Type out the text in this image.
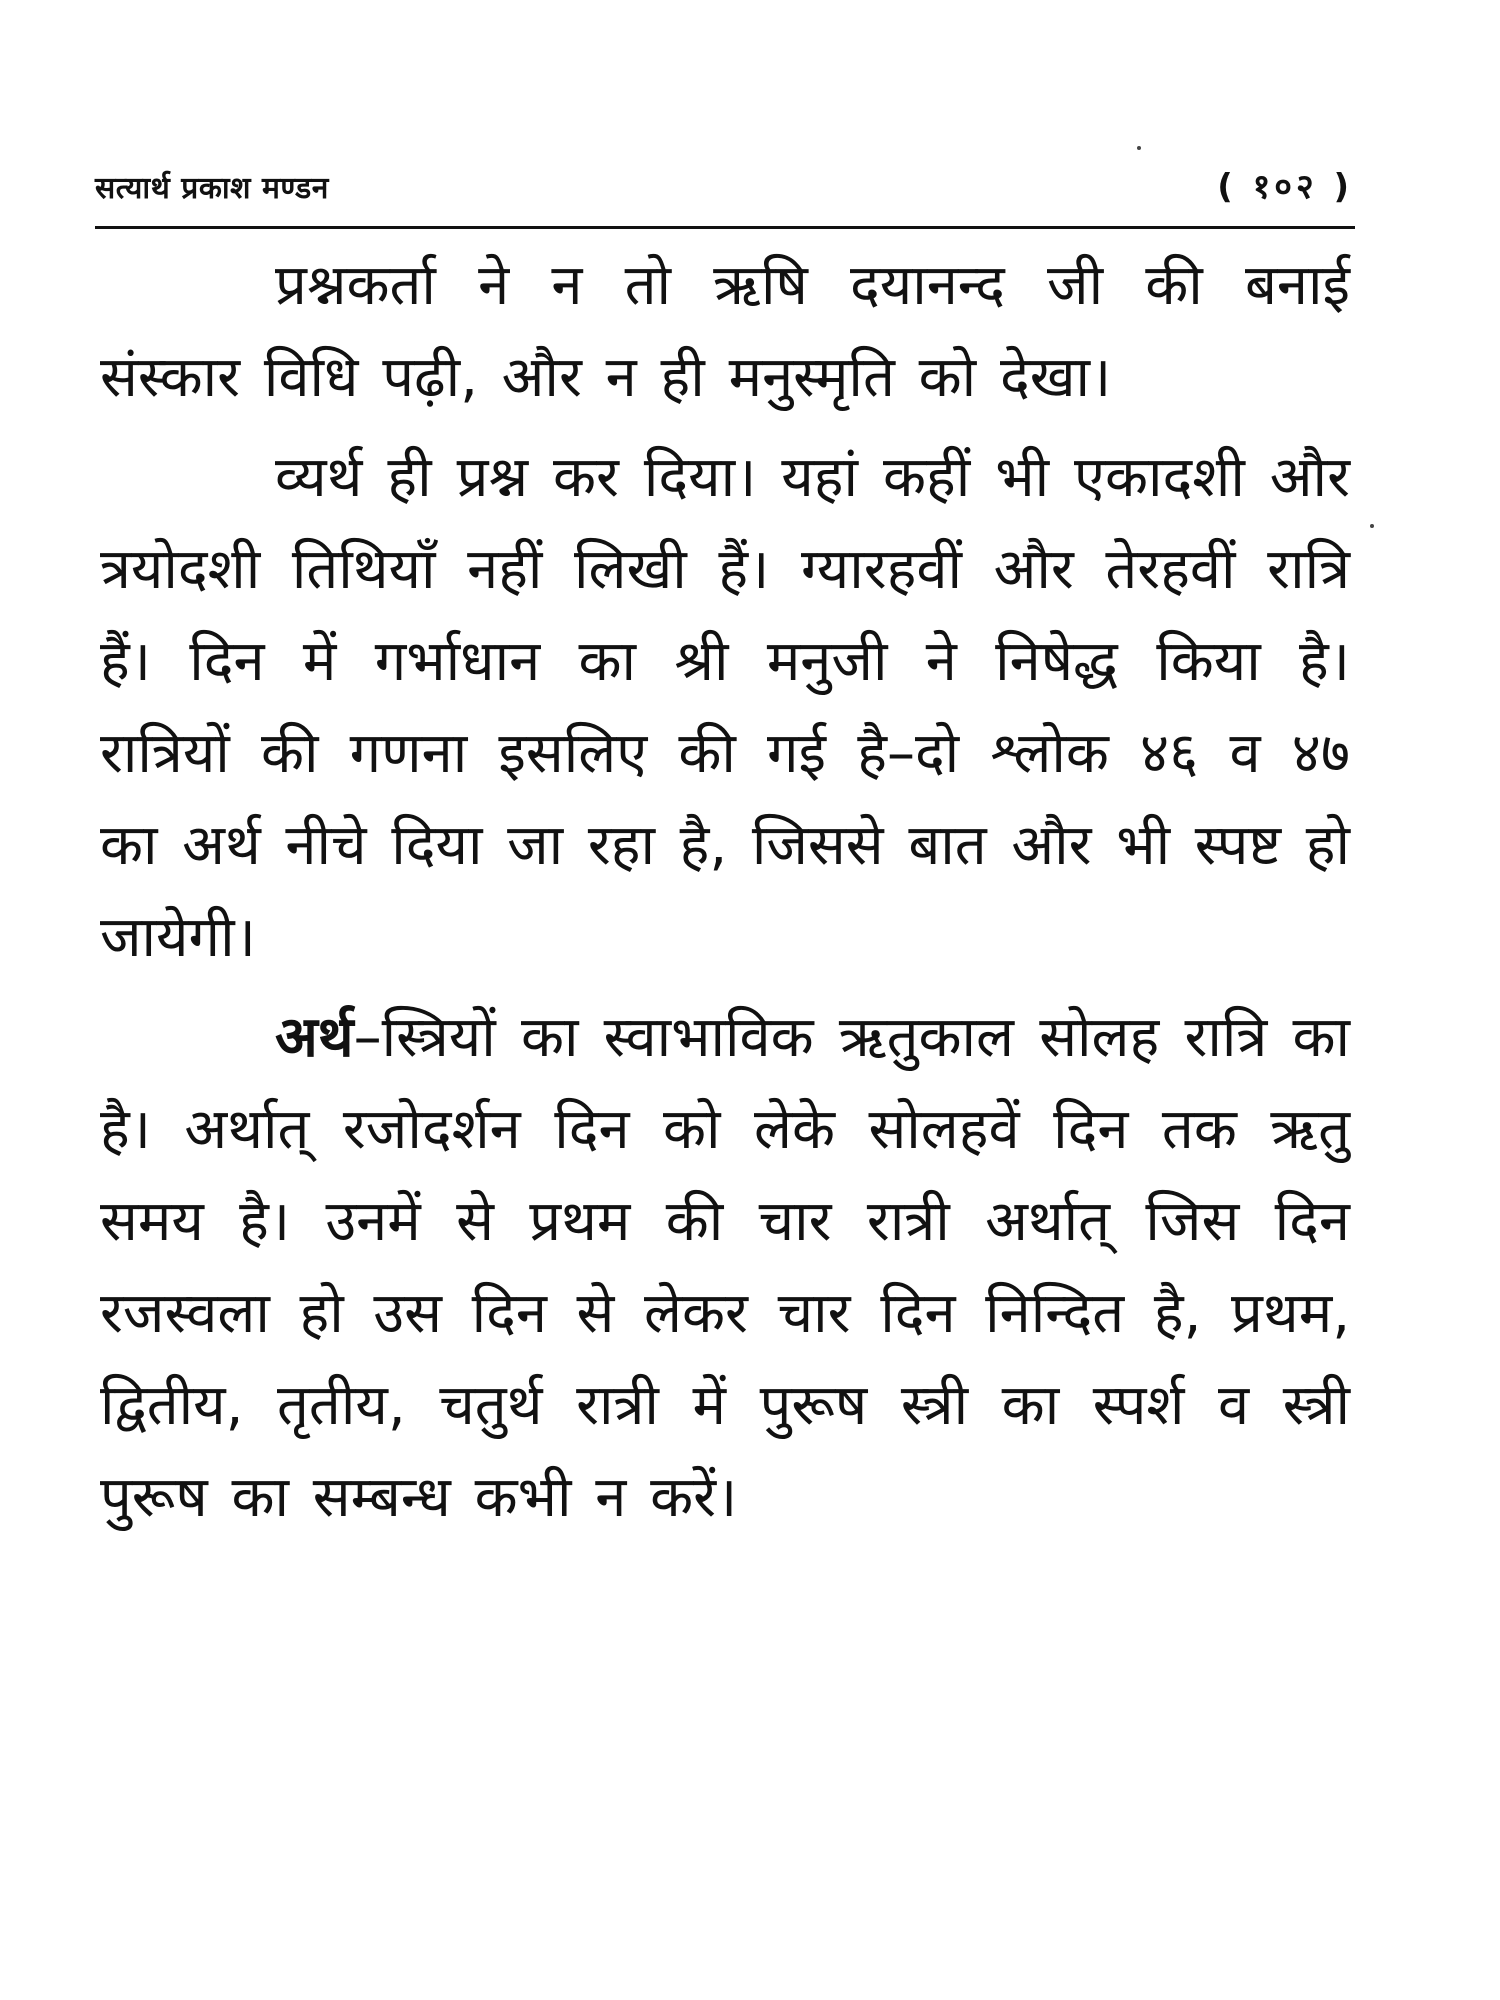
सत्यार्थ प्रकाश मण्डन	( १०२ )

प्रश्नकर्ता ने न तो ऋषि दयानन्द जी की बनाई संस्कार विधि पढ़ी, और न ही मनुस्मृति को देखा।

व्यर्थ ही प्रश्न कर दिया। यहां कहीं भी एकादशी और त्रयोदशी तिथियाँ नहीं लिखी हैं। ग्यारहवीं और तेरहवीं रात्रि हैं। दिन में गर्भाधान का श्री मनुजी ने निषेद्ध किया है। रात्रियों की गणना इसलिए की गई है–दो श्लोक ४६ व ४७ का अर्थ नीचे दिया जा रहा है, जिससे बात और भी स्पष्ट हो जायेगी।

अर्थ–स्त्रियों का स्वाभाविक ऋतुकाल सोलह रात्रि का है। अर्थात् रजोदर्शन दिन को लेके सोलहवें दिन तक ऋतु समय है। उनमें से प्रथम की चार रात्री अर्थात् जिस दिन रजस्वला हो उस दिन से लेकर चार दिन निन्दित है, प्रथम, द्वितीय, तृतीय, चतुर्थ रात्री में पुरूष स्त्री का स्पर्श व स्त्री पुरूष का सम्बन्ध कभी न करें।
